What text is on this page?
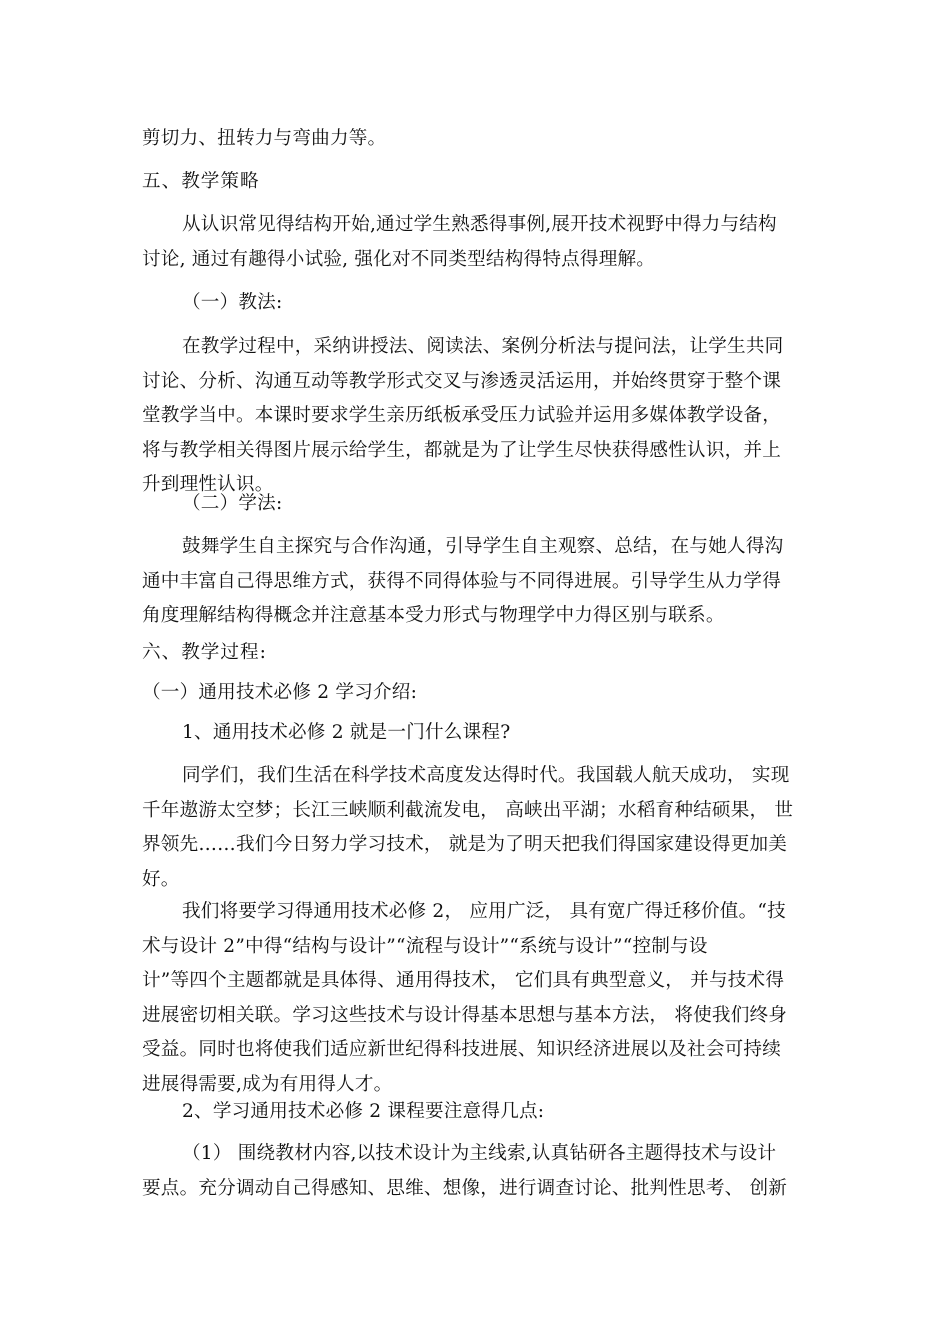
剪切力、扭转力与弯曲力等。
五、教学策略
从认识常见得结构开始,通过学生熟悉得事例,展开技术视野中得力与结构
讨论, 通过有趣得小试验, 强化对不同类型结构得特点得理解。
（一）教法:
在教学过程中，采纳讲授法、阅读法、案例分析法与提问法，让学生共同
讨论、分析、沟通互动等教学形式交叉与渗透灵活运用，并始终贯穿于整个课
堂教学当中。本课时要求学生亲历纸板承受压力试验并运用多媒体教学设备，
将与教学相关得图片展示给学生，都就是为了让学生尽快获得感性认识，并上
升到理性认识。
（二）学法:
鼓舞学生自主探究与合作沟通，引导学生自主观察、总结，在与她人得沟
通中丰富自己得思维方式，获得不同得体验与不同得进展。引导学生从力学得
角度理解结构得概念并注意基本受力形式与物理学中力得区别与联系。
六、教学过程:
（一）通用技术必修 2 学习介绍:
1、通用技术必修 2 就是一门什么课程?
同学们，我们生活在科学技术高度发达得时代。我国载人航天成功， 实现
千年遨游太空梦；长江三峡顺利截流发电， 高峡出平湖；水稻育种结硕果， 世
界领先……我们今日努力学习技术， 就是为了明天把我们得国家建设得更加美
好。
我们将要学习得通用技术必修 2， 应用广泛， 具有宽广得迁移价值。“技
术与设计 2”中得“结构与设计”“流程与设计”“系统与设计”“控制与设
计”等四个主题都就是具体得、通用得技术， 它们具有典型意义， 并与技术得
进展密切相关联。学习这些技术与设计得基本思想与基本方法， 将使我们终身
受益。同时也将使我们适应新世纪得科技进展、知识经济进展以及社会可持续
进展得需要,成为有用得人才。
2、学习通用技术必修 2 课程要注意得几点:
（1） 围绕教材内容,以技术设计为主线索,认真钻研各主题得技术与设计
要点。充分调动自己得感知、思维、想像，进行调查讨论、批判性思考、 创新
